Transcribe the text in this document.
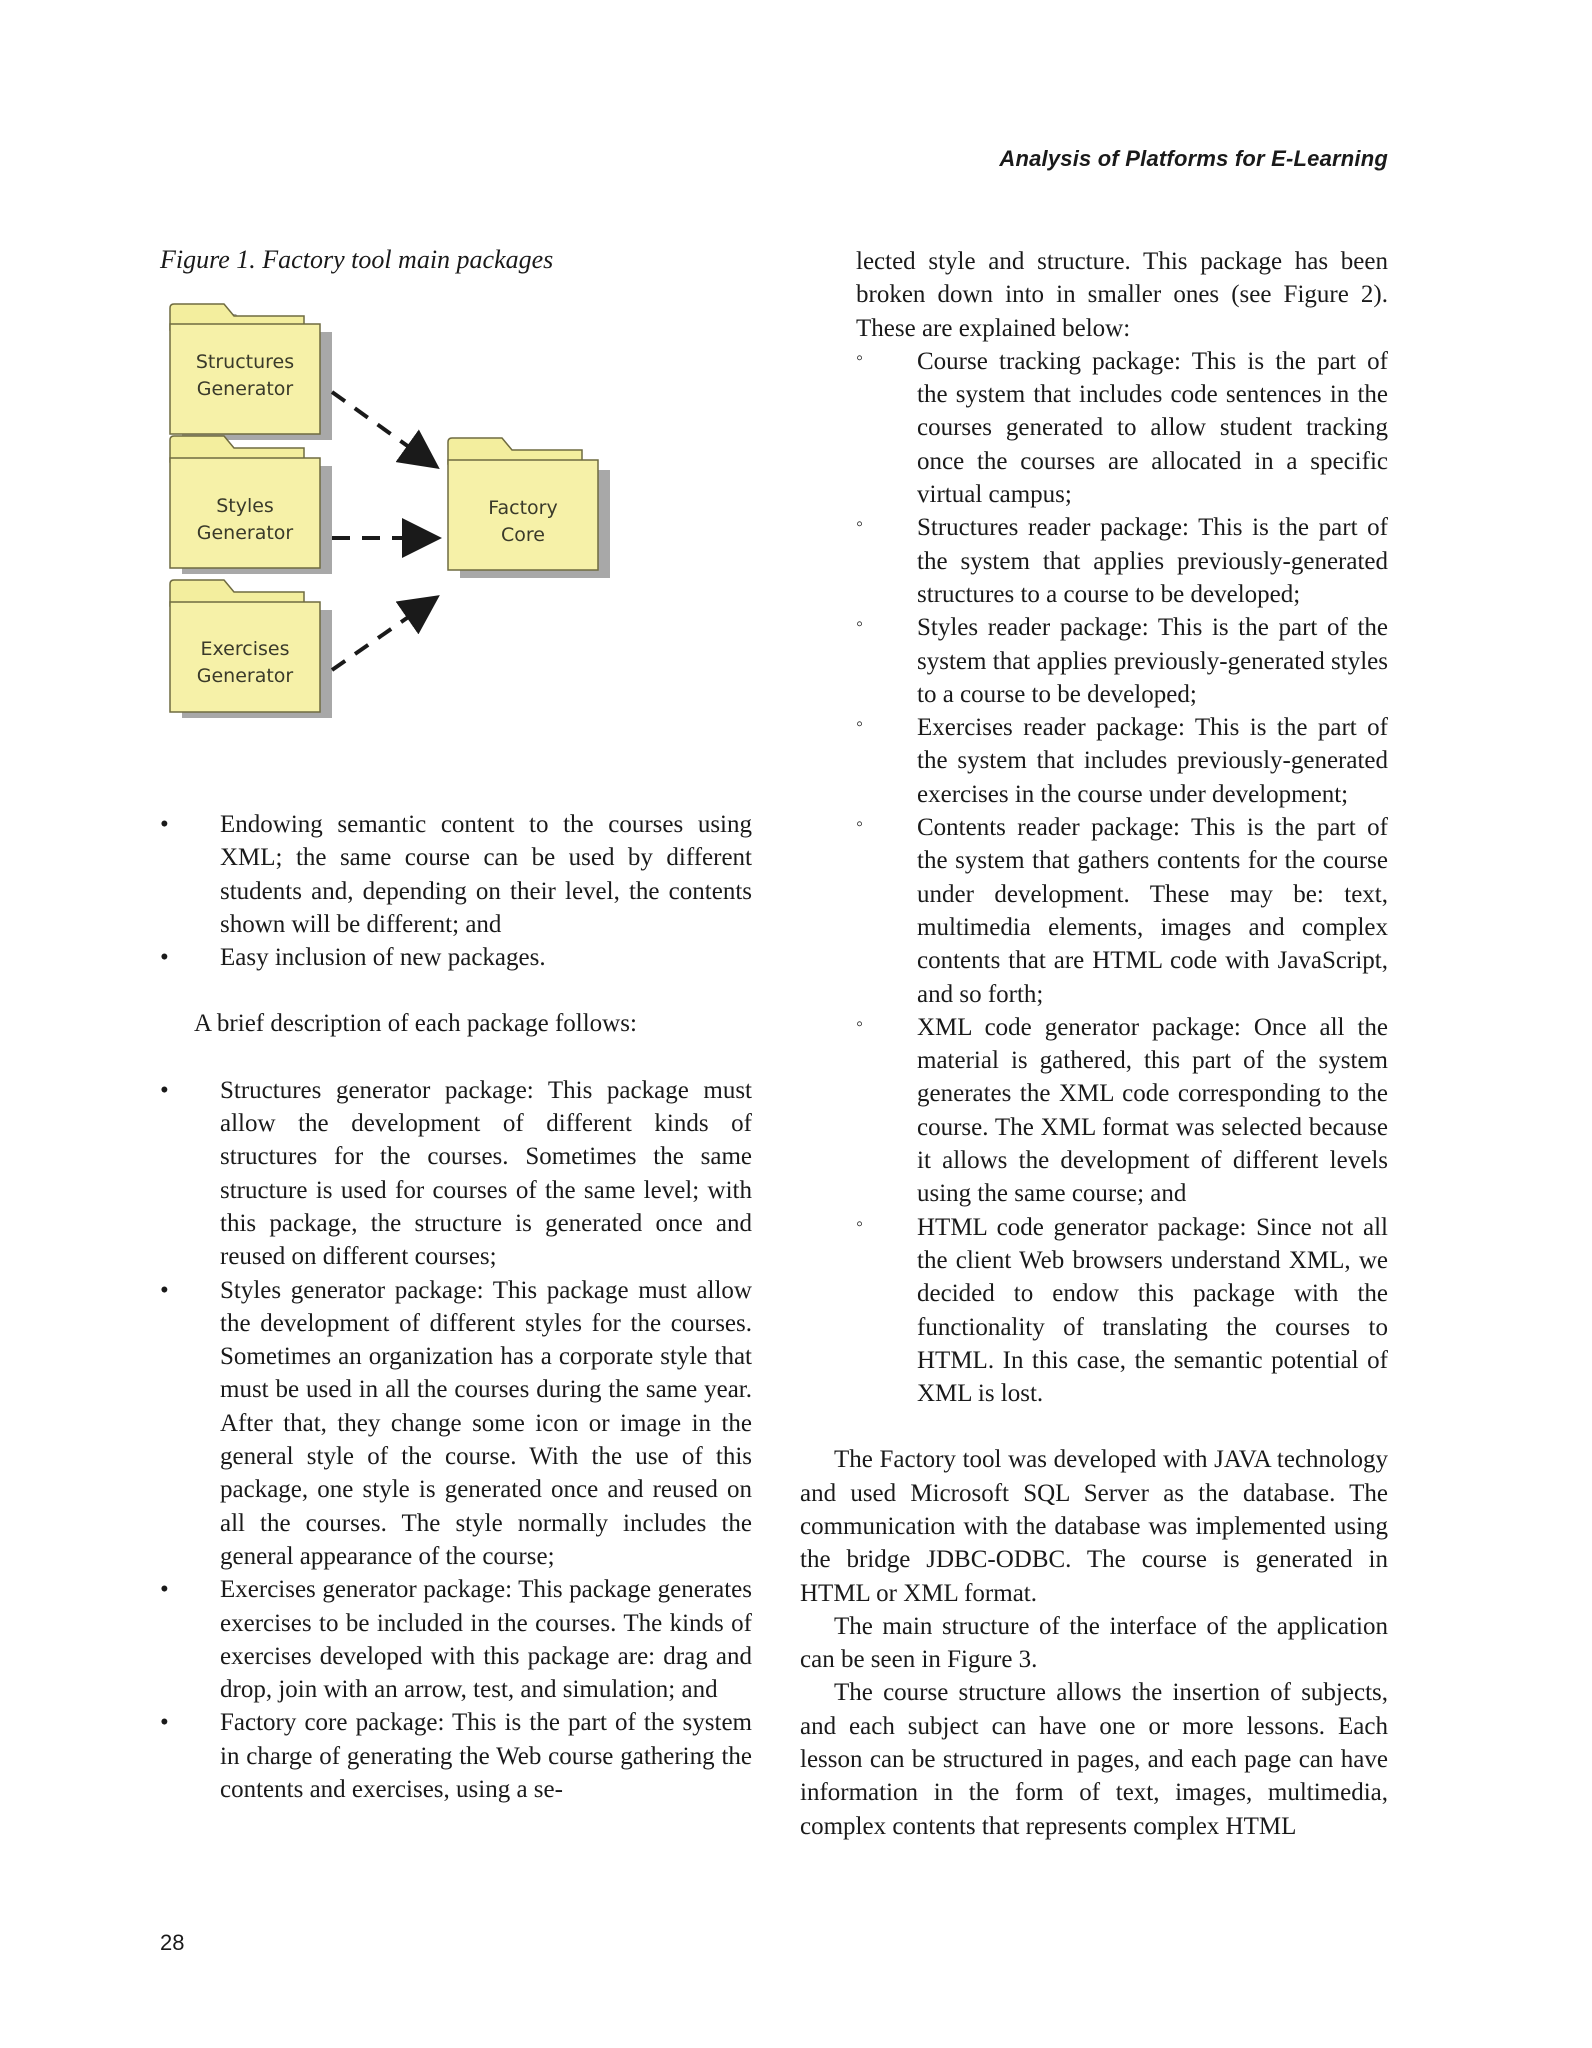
Analysis of Platforms for E-Learning
Figure 1. Factory tool main packages
Structures
Generator
Styles
Generator
Exercises
Generator
Factory
Core
• Endowing semantic content to the courses using XML; the same course can be used by different students and, depending on their level, the contents shown will be different; and
• Easy inclusion of new packages.
A brief description of each package follows:
• Structures generator package: This package must allow the development of different kinds of structures for the courses. Sometimes the same structure is used for courses of the same level; with this package, the structure is generated once and reused on different courses;
• Styles generator package: This package must allow the development of different styles for the courses. Sometimes an organization has a corporate style that must be used in all the courses during the same year. After that, they change some icon or image in the general style of the course. With the use of this package, one style is generated once and reused on all the courses. The style normally includes the general appearance of the course;
• Exercises generator package: This package generates exercises to be included in the courses. The kinds of exercises developed with this package are: drag and drop, join with an arrow, test, and simulation; and
• Factory core package: This is the part of the system in charge of generating the Web course gathering the contents and exercises, using a se-
lected style and structure. This package has been broken down into in smaller ones (see Figure 2). These are explained below:
◦ Course tracking package: This is the part of the system that includes code sentences in the courses generated to allow student tracking once the courses are allocated in a specific virtual campus;
◦ Structures reader package: This is the part of the system that applies previously-generated structures to a course to be developed;
◦ Styles reader package: This is the part of the system that applies previously-generated styles to a course to be developed;
◦ Exercises reader package: This is the part of the system that includes previously-generated exercises in the course under development;
◦ Contents reader package: This is the part of the system that gathers contents for the course under development. These may be: text, multimedia elements, images and complex contents that are HTML code with JavaScript, and so forth;
◦ XML code generator package: Once all the material is gathered, this part of the system generates the XML code corresponding to the course. The XML format was selected because it allows the development of different levels using the same course; and
◦ HTML code generator package: Since not all the client Web browsers understand XML, we decided to endow this package with the functionality of translating the courses to HTML. In this case, the semantic potential of XML is lost.
The Factory tool was developed with JAVA technology and used Microsoft SQL Server as the database. The communication with the database was implemented using the bridge JDBC-ODBC. The course is generated in HTML or XML format.
The main structure of the interface of the application can be seen in Figure 3.
The course structure allows the insertion of subjects, and each subject can have one or more lessons. Each lesson can be structured in pages, and each page can have information in the form of text, images, multimedia, complex contents that represents complex HTML
28
